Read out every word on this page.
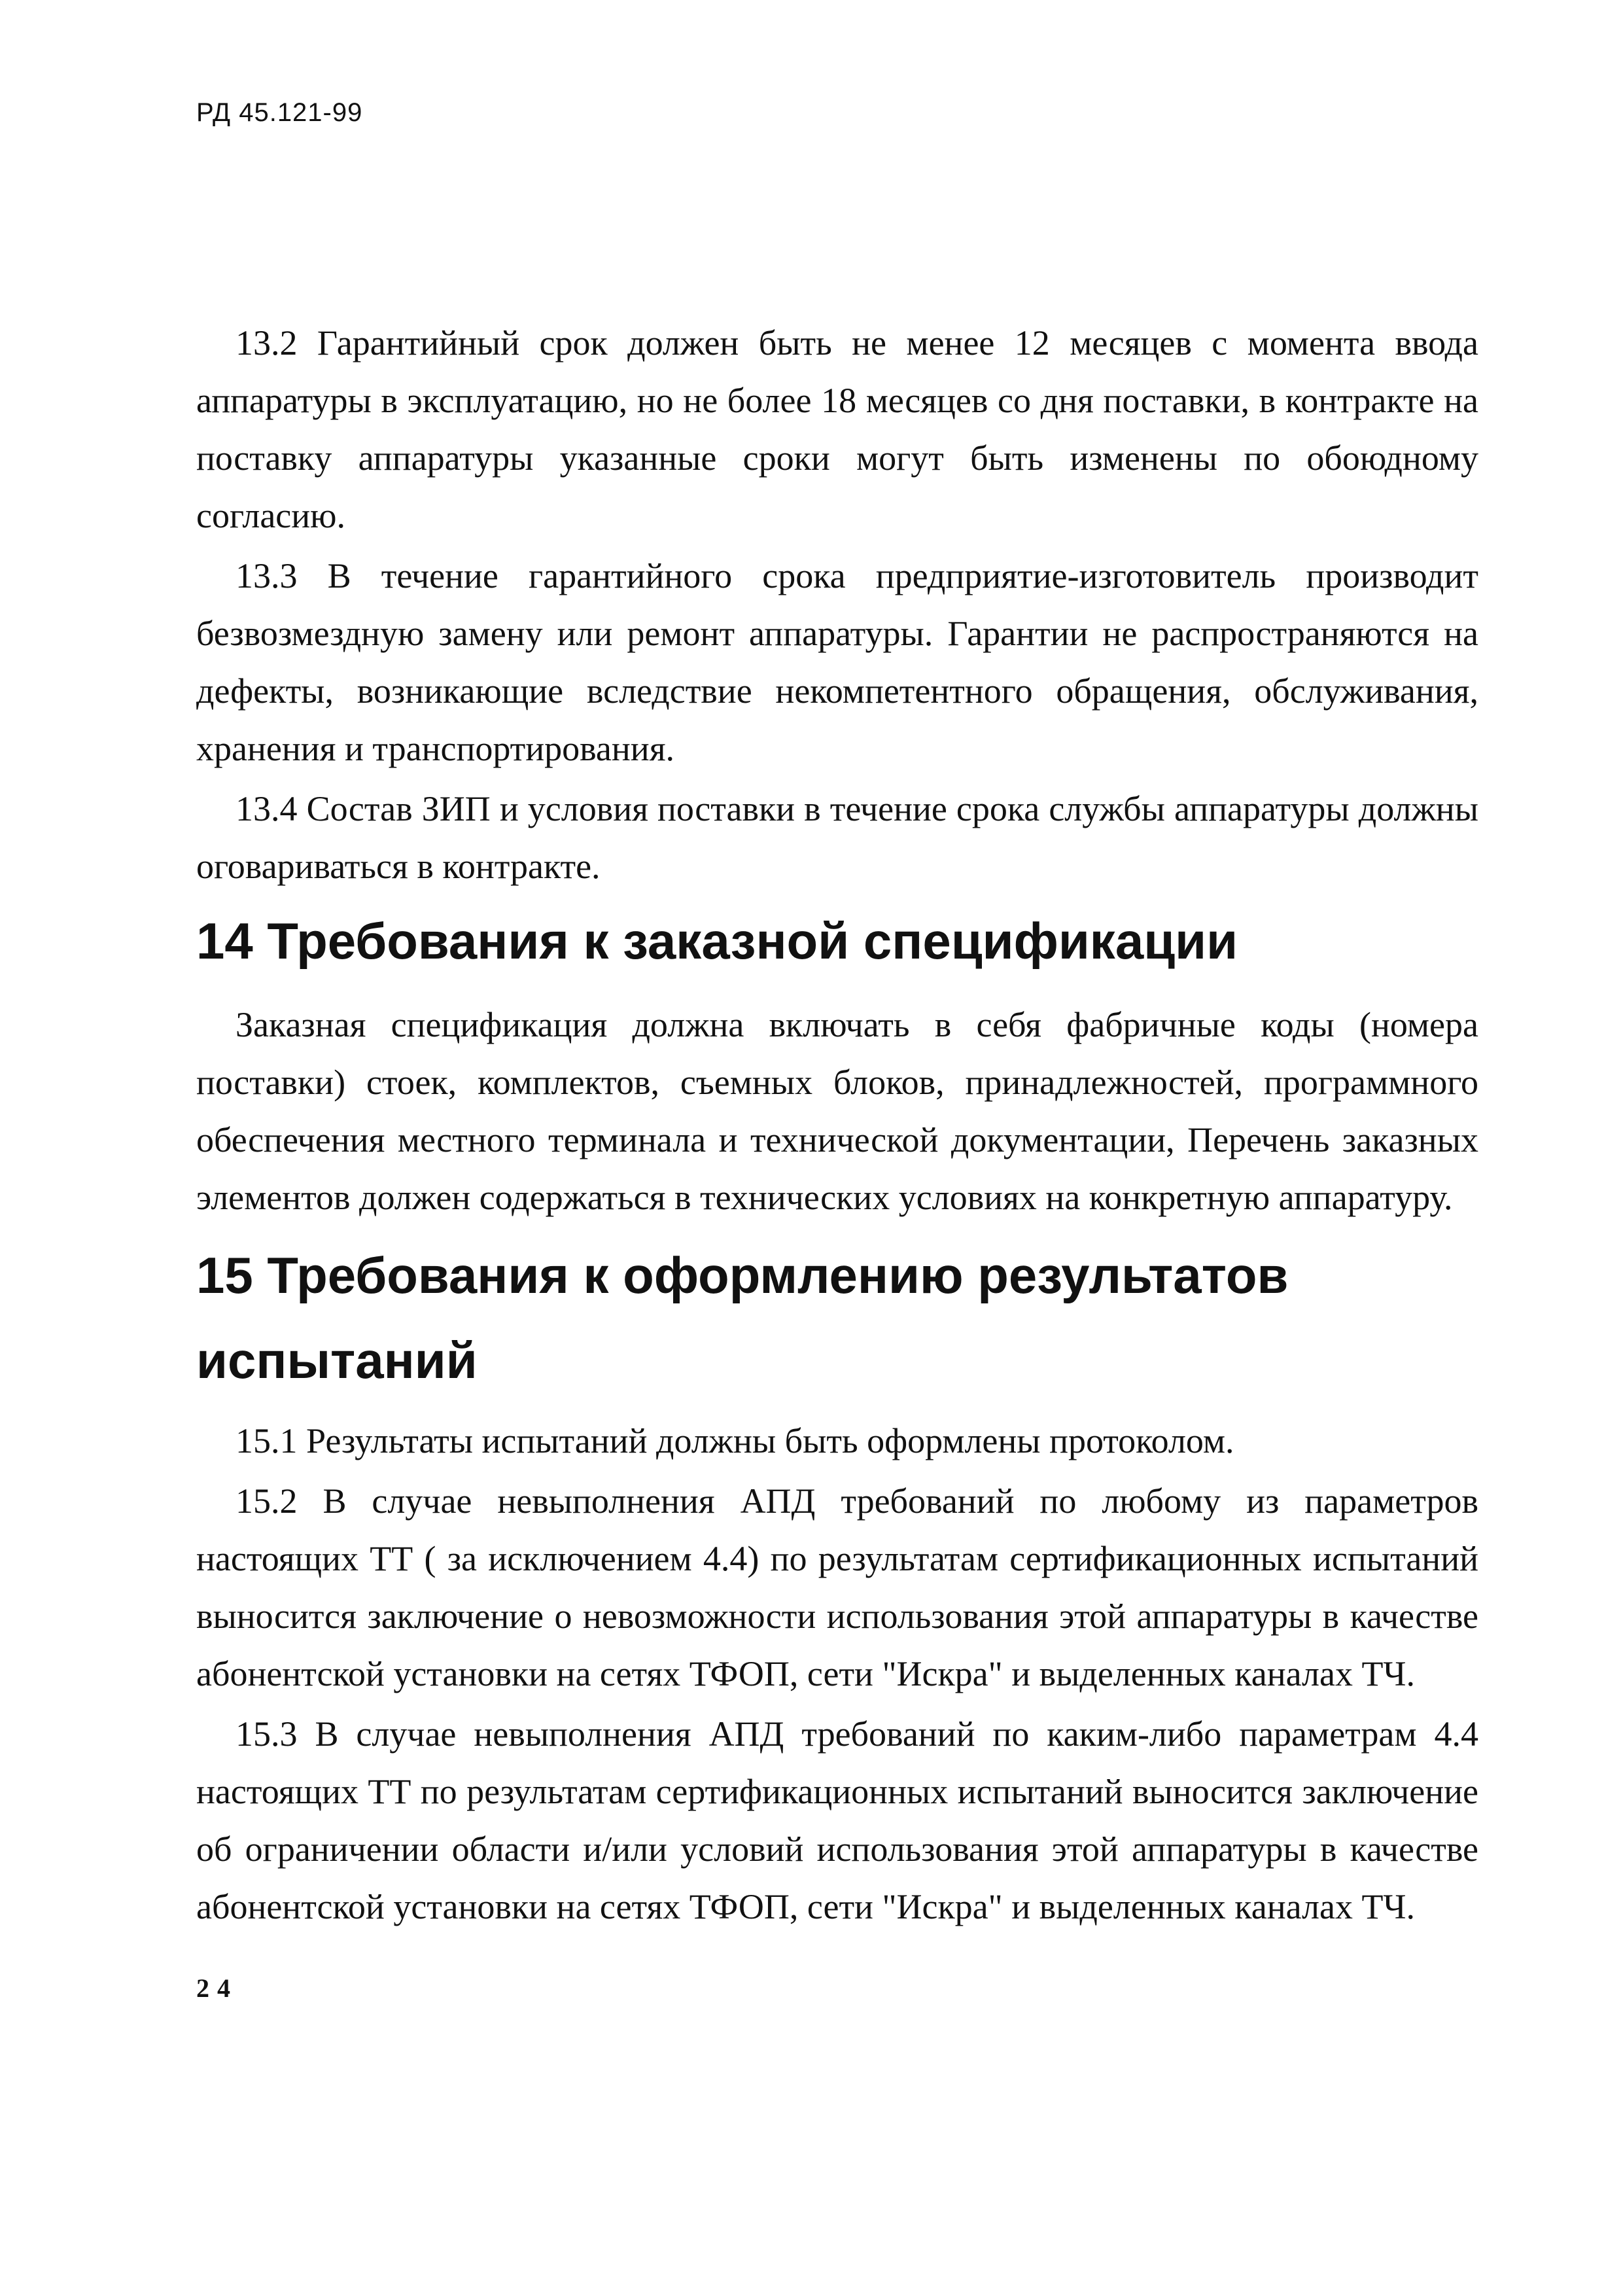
РД 45.121-99

13.2 Гарантийный срок должен быть не менее 12 месяцев с момента ввода аппаратуры в эксплуатацию, но не более 18 месяцев со дня поставки, в контракте на поставку аппаратуры указанные сроки могут быть изменены по обоюдному согласию.

13.3 В течение гарантийного срока предприятие-изготовитель производит безвозмездную замену или ремонт аппаратуры. Гарантии не распространяются на дефекты, возникающие вследствие некомпетентного обращения, обслуживания, хранения и транспортирования.

13.4 Состав ЗИП и условия поставки в течение срока службы аппаратуры должны оговариваться в контракте.

14 Требования к заказной спецификации

Заказная спецификация должна включать в себя фабричные коды (номера поставки) стоек, комплектов, съемных блоков, принадлежностей, программного обеспечения местного терминала и технической документации, Перечень заказных элементов должен содержаться в технических условиях на конкретную аппаратуру.

15 Требования к оформлению результатов испытаний

15.1 Результаты испытаний должны быть оформлены протоколом.

15.2 В случае невыполнения АПД требований по любому из параметров настоящих ТТ ( за исключением 4.4) по результатам сертификационных испытаний выносится заключение о невозможности использования этой аппаратуры в качестве абонентской установки на сетях ТФОП, сети "Искра" и выделенных каналах ТЧ.

15.3 В случае невыполнения АПД требований по каким-либо параметрам 4.4 настоящих ТТ по результатам сертификационных испытаний выносится заключение об ограничении области и/или условий использования этой аппаратуры в качестве абонентской установки на сетях ТФОП, сети "Искра" и выделенных каналах ТЧ.

24
